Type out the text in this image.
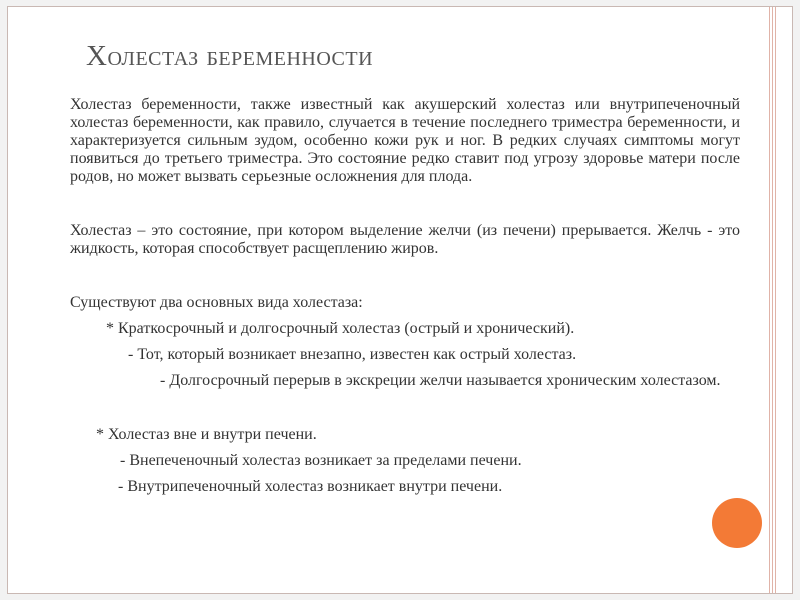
Холестаз беременности
Холестаз беременности, также известный как акушерский холестаз или внутрипеченочный холестаз беременности, как правило, случается в течение последнего триместра беременности, и характеризуется сильным зудом, особенно кожи рук и ног. В редких случаях симптомы могут появиться до третьего триместра. Это состояние редко ставит под угрозу здоровье матери после родов, но может вызвать серьезные осложнения для плода.
Холестаз – это состояние, при котором выделение желчи (из печени) прерывается. Желчь - это жидкость, которая способствует расщеплению жиров.
Существуют два основных вида холестаза:
* Краткосрочный и долгосрочный холестаз (острый и хронический).
- Тот, который возникает внезапно, известен как острый холестаз.
- Долгосрочный перерыв в экскреции желчи называется хроническим холестазом.
* Холестаз вне и внутри печени.
- Внепеченочный холестаз возникает за пределами печени.
- Внутрипеченочный холестаз возникает внутри печени.
